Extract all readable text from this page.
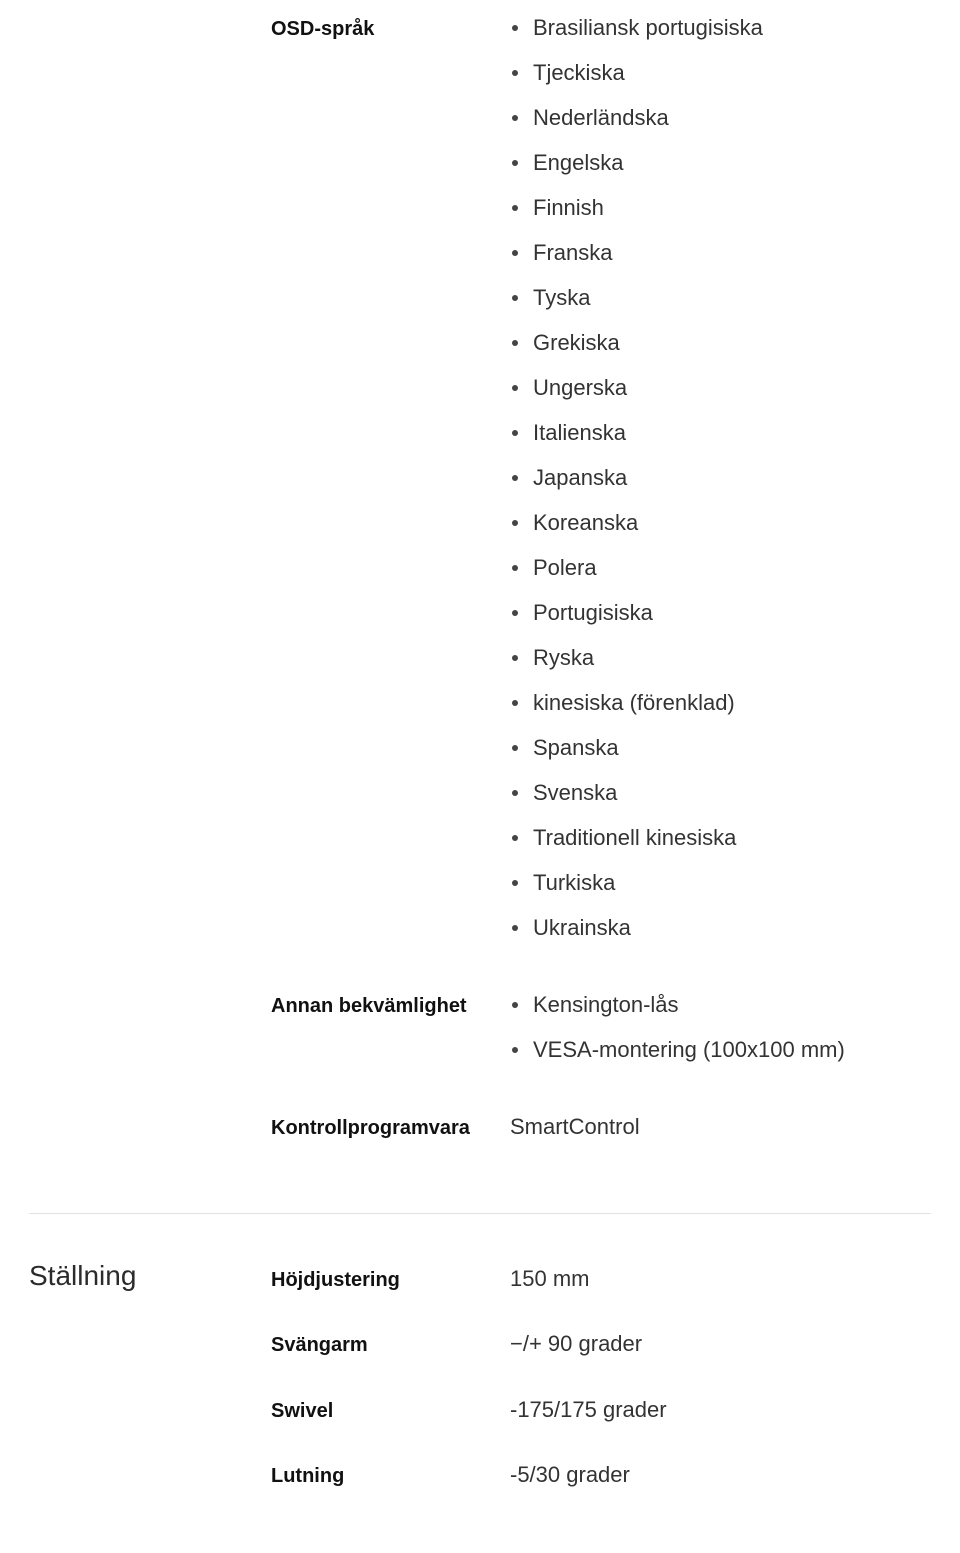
OSD-språk	Brasiliansk portugisiska
Tjeckiska
Nederländska
Engelska
Finnish
Franska
Tyska
Grekiska
Ungerska
Italienska
Japanska
Koreanska
Polera
Portugisiska
Ryska
kinesiska (förenklad)
Spanska
Svenska
Traditionell kinesiska
Turkiska
Ukrainska
Annan bekvämlighet	Kensington-lås
VESA-montering (100x100 mm)
Kontrollprogramvara SmartControl
Ställning	Höjdjustering	150 mm
Svängarm	−/+ 90 grader
Swivel	-175/175 grader
Lutning	-5/30 grader
